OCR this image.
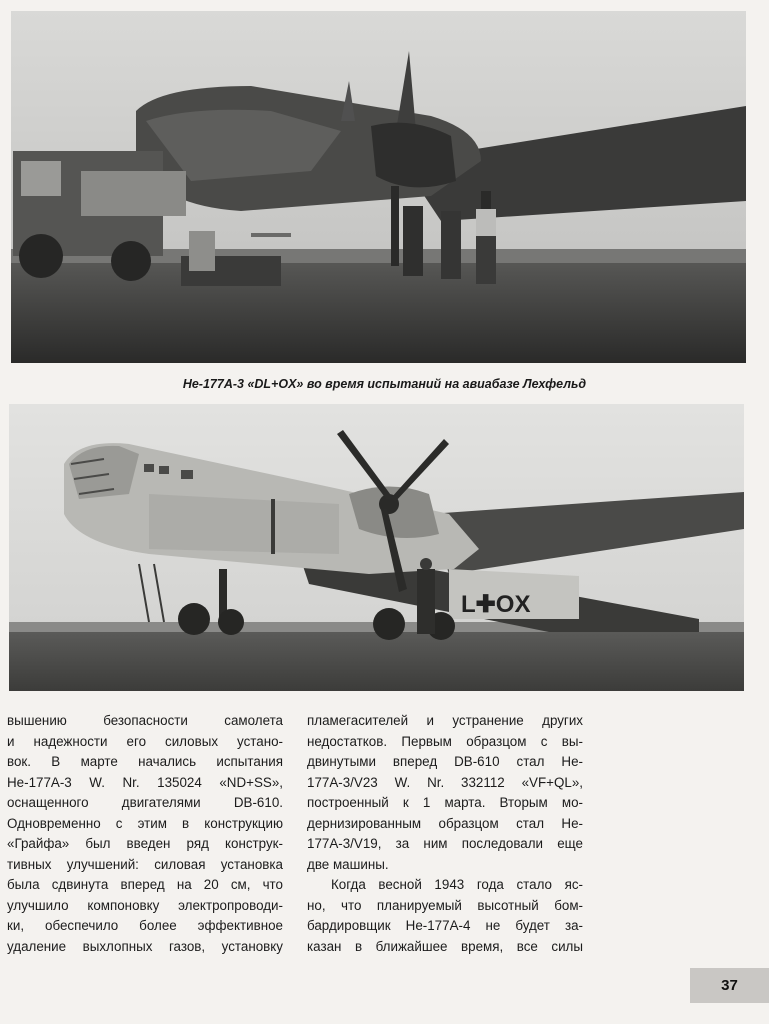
He-177A-3 «DL+OX» во время испытаний на авиабазе Лехфельд
L✚OX
вышению безопасности самолета
и надежности его силовых устано-
вок. В марте начались испытания
He-177A-3 W. Nr. 135024 «ND+SS»,
оснащенного двигателями DB-610.
Одновременно с этим в конструкцию
«Грайфа» был введен ряд конструк-
тивных улучшений: силовая установка
была сдвинута вперед на 20 см, что
улучшило компоновку электропроводи-
ки, обеспечило более эффективное
удаление выхлопных газов, установку
пламегасителей и устранение других
недостатков. Первым образцом с вы-
двинутыми вперед DB-610 стал He-
177A-3/V23 W. Nr. 332112 «VF+QL»,
построенный к 1 марта. Вторым мо-
дернизированным образцом стал He-
177A-3/V19, за ним последовали еще
две машины.
Когда весной 1943 года стало яс-
но, что планируемый высотный бом-
бардировщик He-177A-4 не будет за-
казан в ближайшее время, все силы
37
